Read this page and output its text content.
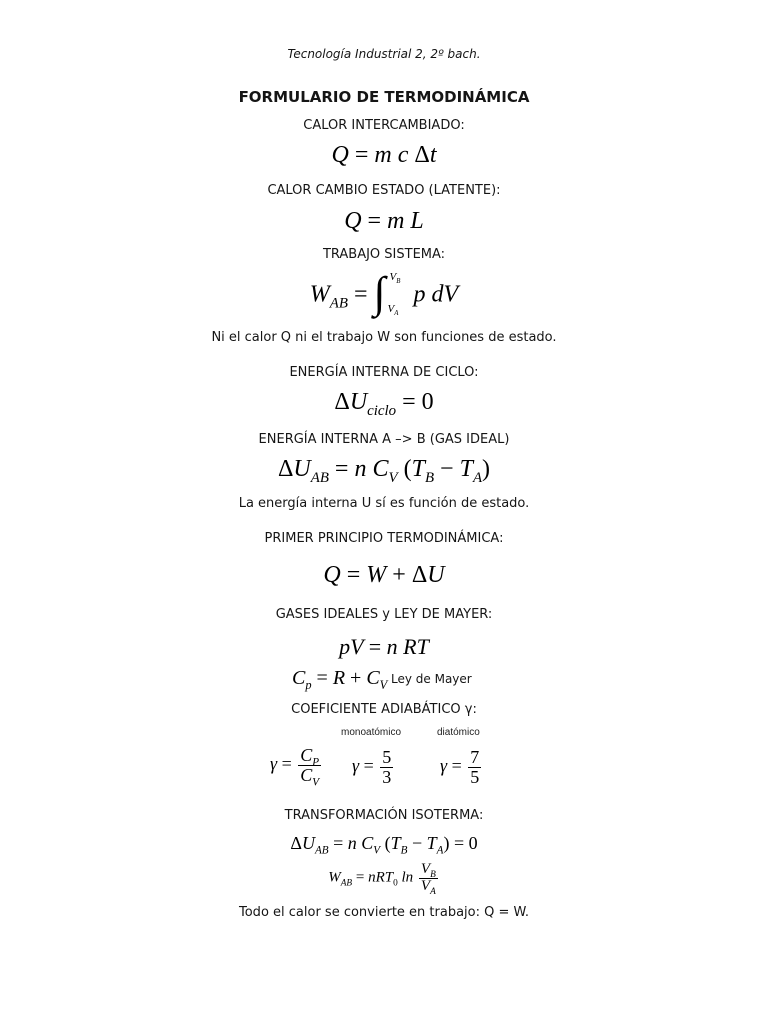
Tecnología Industrial 2, 2º bach.
FORMULARIO DE TERMODINÁMICA
CALOR INTERCAMBIADO:
Q = m c Δt
CALOR CAMBIO ESTADO (LATENTE):
Q = m L
TRABAJO SISTEMA:
$W_{AB}$ = ∫ $V_B$
$V_A$
p dV
Ni el calor Q ni el trabajo W son funciones de estado.
ENERGÍA INTERNA DE CICLO:
$\Delta U_{ciclo} = 0$
ENERGÍA INTERNA A –> B (GAS IDEAL)
$\Delta U_{AB} = n$ $C_V$ $(T_B - T_A)$
La energía interna U sí es función de estado.
PRIMER PRINCIPIO TERMODINÁMICA:
Q = W + ΔU
GASES IDEALES y LEY DE MAYER:
pV = n RT
$C_p = R + C_V$ Ley de Mayer
COEFICIENTE ADIABÁTICO γ:
monoatómico	diatómico
$\gamma = \frac{C_P}{C_V}$ $\gamma = \frac{5}{3}$	$\gamma = \frac{7}{5}$
TRANSFORMACIÓN ISOTERMA:
$\Delta U_{AB} = n$ $C_V$ $(T_B - T_A) = 0$
$W_{AB} = nRT_0$ $\ln \frac{V_B}{V_A}$
Todo el calor se convierte en trabajo: Q = W.
